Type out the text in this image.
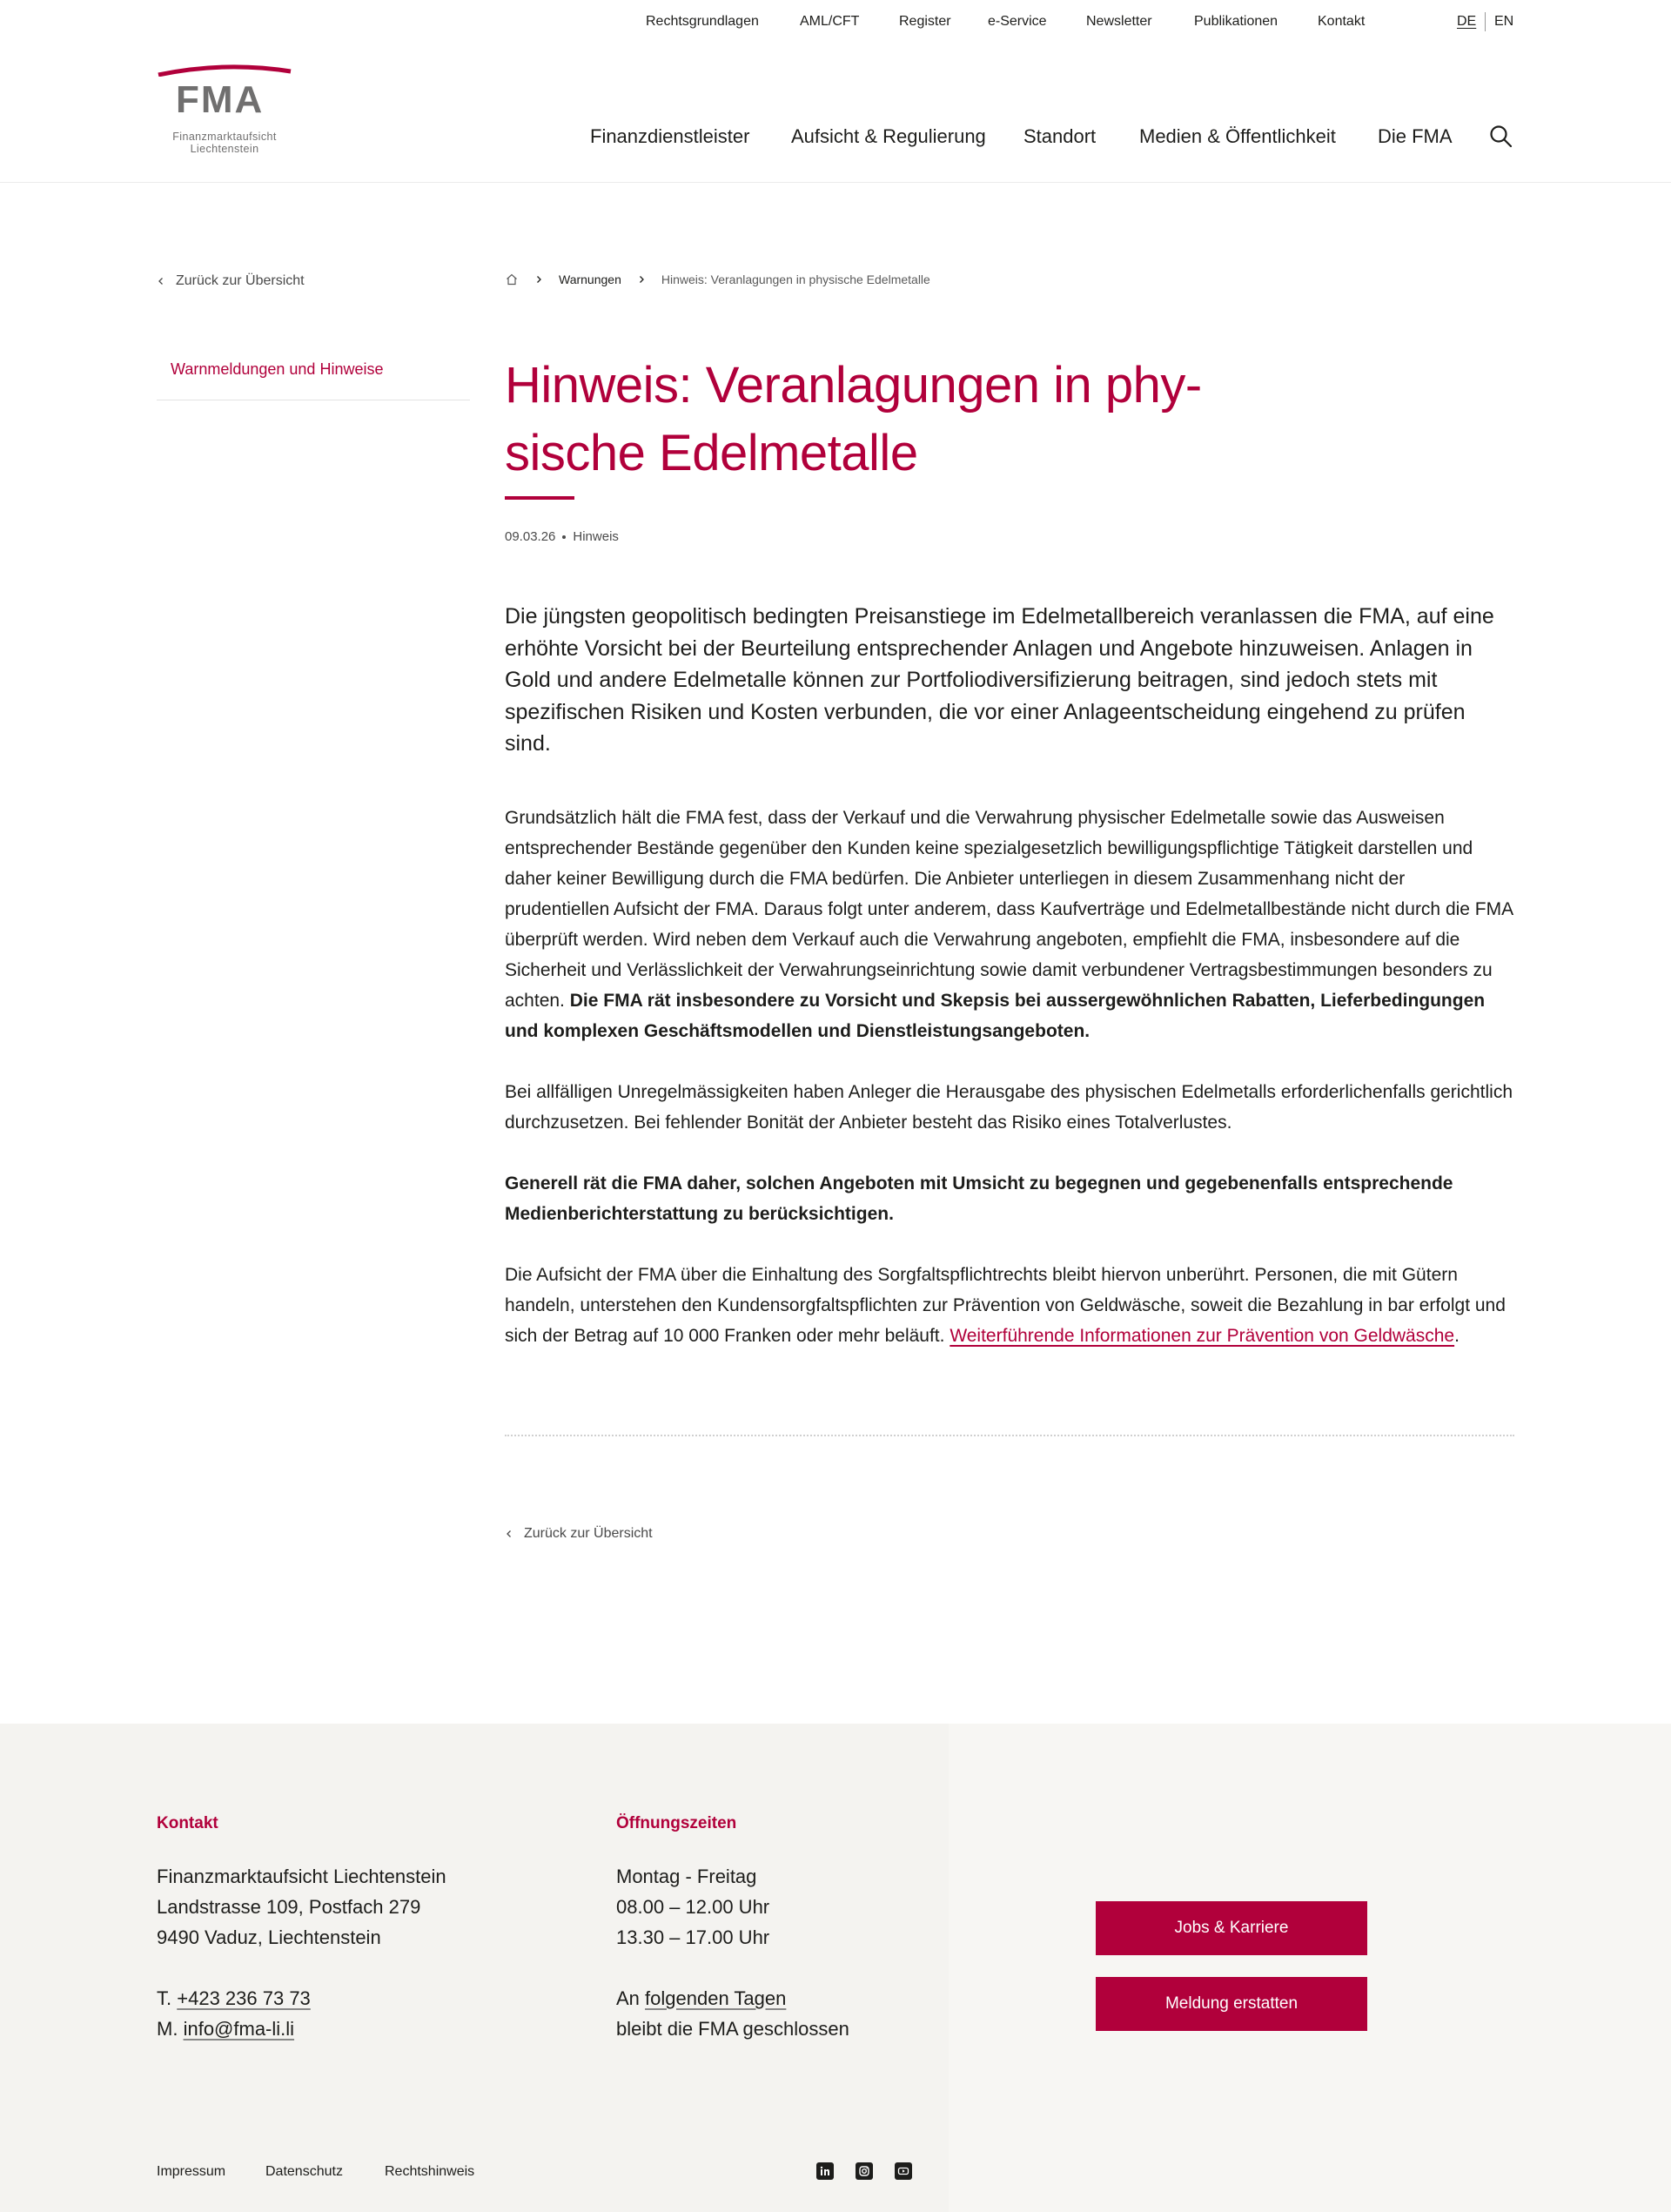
Rechtsgrundlagen	AML/CFT	Register	e-Service	Newsletter	Publikationen	Kontakt	DE EN
FMA
Finanzmarktaufsicht
Liechtenstein
Finanzdienstleister Aufsicht & Regulierung Standort Medien & Öffentlichkeit Die FMA
Zurück zur Übersicht
Warnmeldungen und Hinweise
Warnungen	Hinweis: Veranlagungen in physische Edelmetalle
Hinweis: Veranlagungen in phy-
sische Edelmetalle
09.03.26 Hinweis

Die jüngsten geopolitisch bedingten Preisanstiege im Edelmetallbereich veranlassen die FMA, auf eine erhöhte Vorsicht bei der Beurteilung entsprechender Anlagen und Angebote hinzuweisen. Anlagen in Gold und andere Edelmetalle können zur Portfoliodiversifizierung beitragen, sind jedoch stets mit spezifischen Risiken und Kosten verbunden, die vor einer Anlageentscheidung eingehend zu prüfen sind.

Grundsätzlich hält die FMA fest, dass der Verkauf und die Verwahrung physischer Edelmetalle sowie das Ausweisen entsprechender Bestände gegenüber den Kunden keine spezialgesetzlich bewilligungspflichtige Tätigkeit darstellen und daher keiner Bewilligung durch die FMA bedürfen. Die Anbieter unterliegen in diesem Zusammenhang nicht der prudentiellen Aufsicht der FMA. Daraus folgt unter anderem, dass Kaufverträge und Edelmetallbestände nicht durch die FMA überprüft werden. Wird neben dem Verkauf auch die Verwahrung angeboten, empfiehlt die FMA, insbesondere auf die Sicherheit und Verlässlichkeit der Verwahrungseinrichtung sowie damit verbundener Vertragsbestimmungen besonders zu achten. Die FMA rät insbesondere zu Vorsicht und Skepsis bei aussergewöhnlichen Rabatten, Lieferbedingungen und komplexen Geschäftsmodellen und Dienstleistungsangeboten.

Bei allfälligen Unregelmässigkeiten haben Anleger die Herausgabe des physischen Edelmetalls erforderlichenfalls gerichtlich durchzusetzen. Bei fehlender Bonität der Anbieter besteht das Risiko eines Totalverlustes.

Generell rät die FMA daher, solchen Angeboten mit Umsicht zu begegnen und gegebenenfalls entsprechende Medienberichterstattung zu berücksichtigen.

Die Aufsicht der FMA über die Einhaltung des Sorgfaltspflichtrechts bleibt hiervon unberührt. Personen, die mit Gütern handeln, unterstehen den Kundensorgfaltspflichten zur Prävention von Geldwäsche, soweit die Bezahlung in bar erfolgt und sich der Betrag auf 10 000 Franken oder mehr beläuft. Weiterführende Informationen zur Prävention von Geldwäsche.

Zurück zur Übersicht
Kontakt
Finanzmarktaufsicht Liechtenstein
Landstrasse 109, Postfach 279
9490 Vaduz, Liechtenstein
T. +423 236 73 73
M. info@fma-li.li
Öffnungszeiten
Montag - Freitag
08.00 – 12.00 Uhr
13.30 – 17.00 Uhr
An folgenden Tagen
bleibt die FMA geschlossen
Jobs & Karriere
Meldung erstatten
Impressum	Datenschutz	Rechtshinweis
